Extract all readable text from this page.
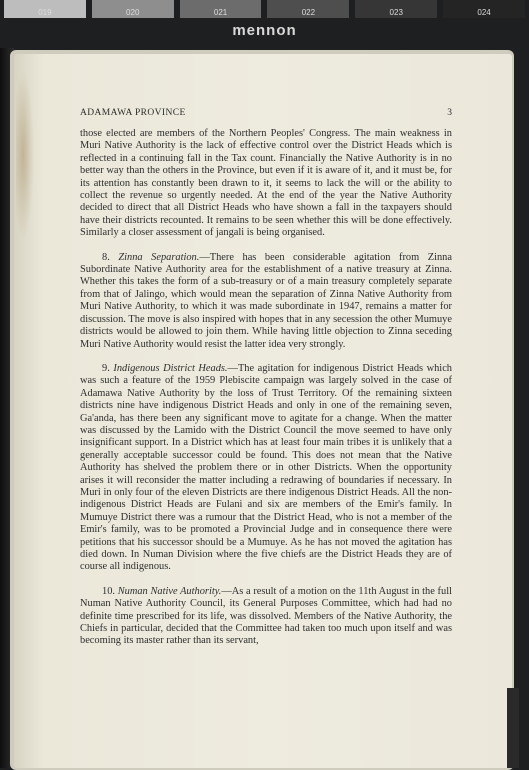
019	020	021	022	023	024
mennon
ADAMAWA PROVINCE	3

those elected are members of the Northern Peoples' Congress. The main weakness in Muri Native Authority is the lack of effective control over the District Heads which is reflected in a continuing fall in the Tax count. Financially the Native Authority is in no better way than the others in the Province, but even if it is aware of it, and it must be, for its attention has constantly been drawn to it, it seems to lack the will or the ability to collect the revenue so urgently needed. At the end of the year the Native Authority decided to direct that all District Heads who have shown a fall in the taxpayers should have their districts recounted. It remains to be seen whether this will be done effectively. Similarly a closer assessment of jangali is being organised.

8. Zinna Separation.—There has been considerable agitation from Zinna Subordinate Native Authority area for the establishment of a native treasury at Zinna. Whether this takes the form of a sub-treasury or of a main treasury completely separate from that of Jalingo, which would mean the separation of Zinna Native Authority from Muri Native Authority, to which it was made subordinate in 1947, remains a matter for discussion. The move is also inspired with hopes that in any secession the other Mumuye districts would be allowed to join them. While having little objection to Zinna seceding Muri Native Authority would resist the latter idea very strongly.

9. Indigenous District Heads.—The agitation for indigenous District Heads which was such a feature of the 1959 Plebiscite campaign was largely solved in the case of Adamawa Native Authority by the loss of Trust Territory. Of the remaining sixteen districts nine have indigenous District Heads and only in one of the remaining seven, Ga'anda, has there been any significant move to agitate for a change. When the matter was discussed by the Lamido with the District Council the move seemed to have only insignificant support. In a District which has at least four main tribes it is unlikely that a generally acceptable successor could be found. This does not mean that the Native Authority has shelved the problem there or in other Districts. When the opportunity arises it will reconsider the matter including a redrawing of boundaries if necessary. In Muri in only four of the eleven Districts are there indigenous District Heads. All the non-indigenous District Heads are Fulani and six are members of the Emir's family. In Mumuye District there was a rumour that the District Head, who is not a member of the Emir's family, was to be promoted a Provincial Judge and in consequence there were petitions that his successor should be a Mumuye. As he has not moved the agitation has died down. In Numan Division where the five chiefs are the District Heads they are of course all indigenous.

10. Numan Native Authority.—As a result of a motion on the 11th August in the full Numan Native Authority Council, its General Purposes Committee, which had had no definite time prescribed for its life, was dissolved. Members of the Native Authority, the Chiefs in particular, decided that the Committee had taken too much upon itself and was becoming its master rather than its servant,
